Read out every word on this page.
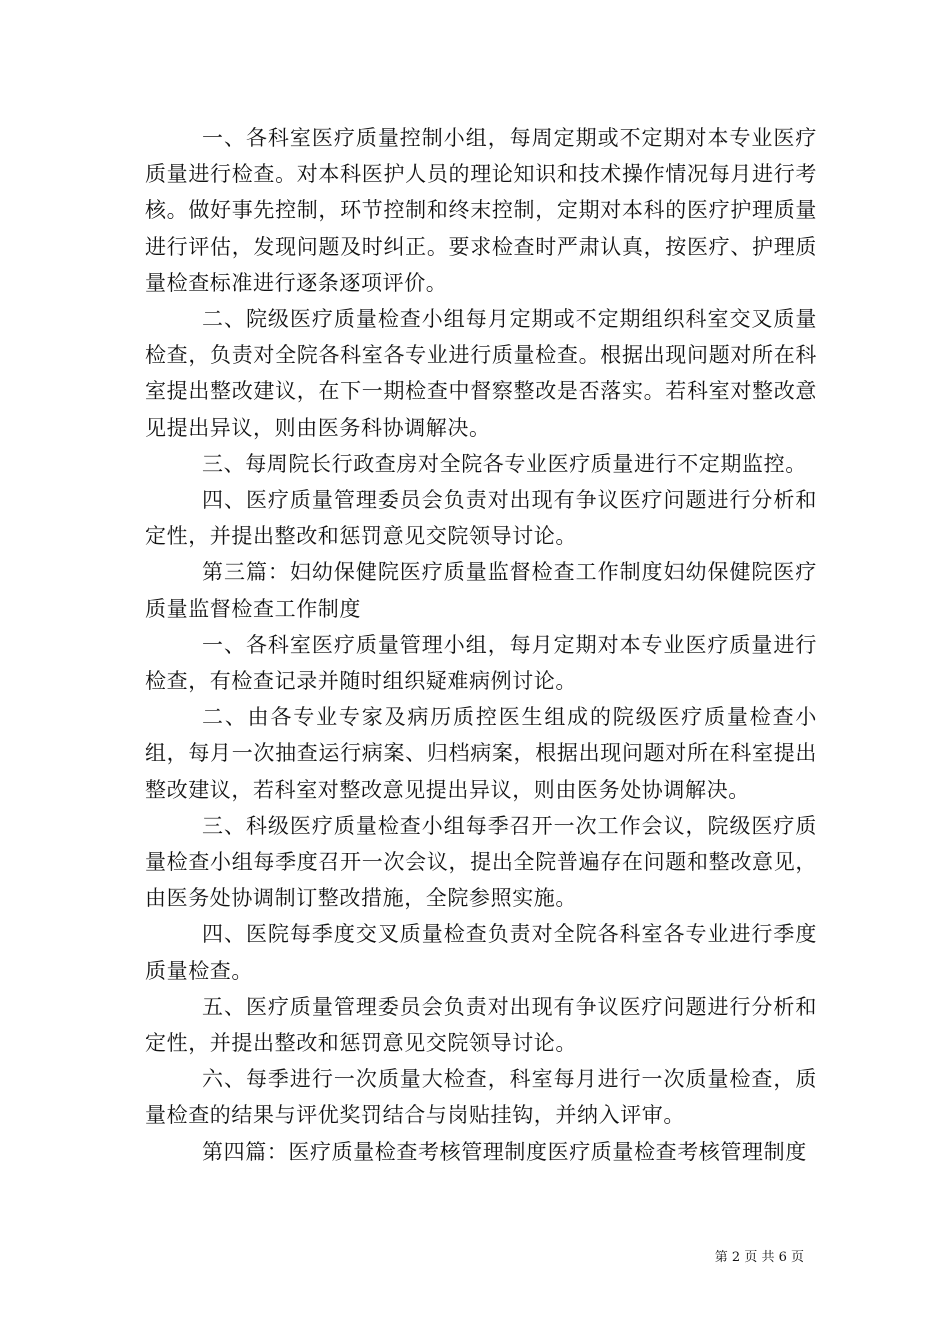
一、各科室医疗质量控制小组，每周定期或不定期对本专业医疗质量进行检查。对本科医护人员的理论知识和技术操作情况每月进行考核。做好事先控制，环节控制和终末控制，定期对本科的医疗护理质量进行评估，发现问题及时纠正。要求检查时严肃认真，按医疗、护理质量检查标准进行逐条逐项评价。

二、院级医疗质量检查小组每月定期或不定期组织科室交叉质量检查，负责对全院各科室各专业进行质量检查。根据出现问题对所在科室提出整改建议，在下一期检查中督察整改是否落实。若科室对整改意见提出异议，则由医务科协调解决。

三、每周院长行政查房对全院各专业医疗质量进行不定期监控。

四、医疗质量管理委员会负责对出现有争议医疗问题进行分析和定性，并提出整改和惩罚意见交院领导讨论。

第三篇：妇幼保健院医疗质量监督检查工作制度妇幼保健院医疗质量监督检查工作制度

一、各科室医疗质量管理小组，每月定期对本专业医疗质量进行检查，有检查记录并随时组织疑难病例讨论。

二、由各专业专家及病历质控医生组成的院级医疗质量检查小组，每月一次抽查运行病案、归档病案，根据出现问题对所在科室提出整改建议，若科室对整改意见提出异议，则由医务处协调解决。

三、科级医疗质量检查小组每季召开一次工作会议，院级医疗质量检查小组每季度召开一次会议，提出全院普遍存在问题和整改意见，由医务处协调制订整改措施，全院参照实施。

四、医院每季度交叉质量检查负责对全院各科室各专业进行季度质量检查。

五、医疗质量管理委员会负责对出现有争议医疗问题进行分析和定性，并提出整改和惩罚意见交院领导讨论。

六、每季进行一次质量大检查，科室每月进行一次质量检查，质量检查的结果与评优奖罚结合与岗贴挂钩，并纳入评审。

第四篇：医疗质量检查考核管理制度医疗质量检查考核管理制度

第 2 页 共 6 页
